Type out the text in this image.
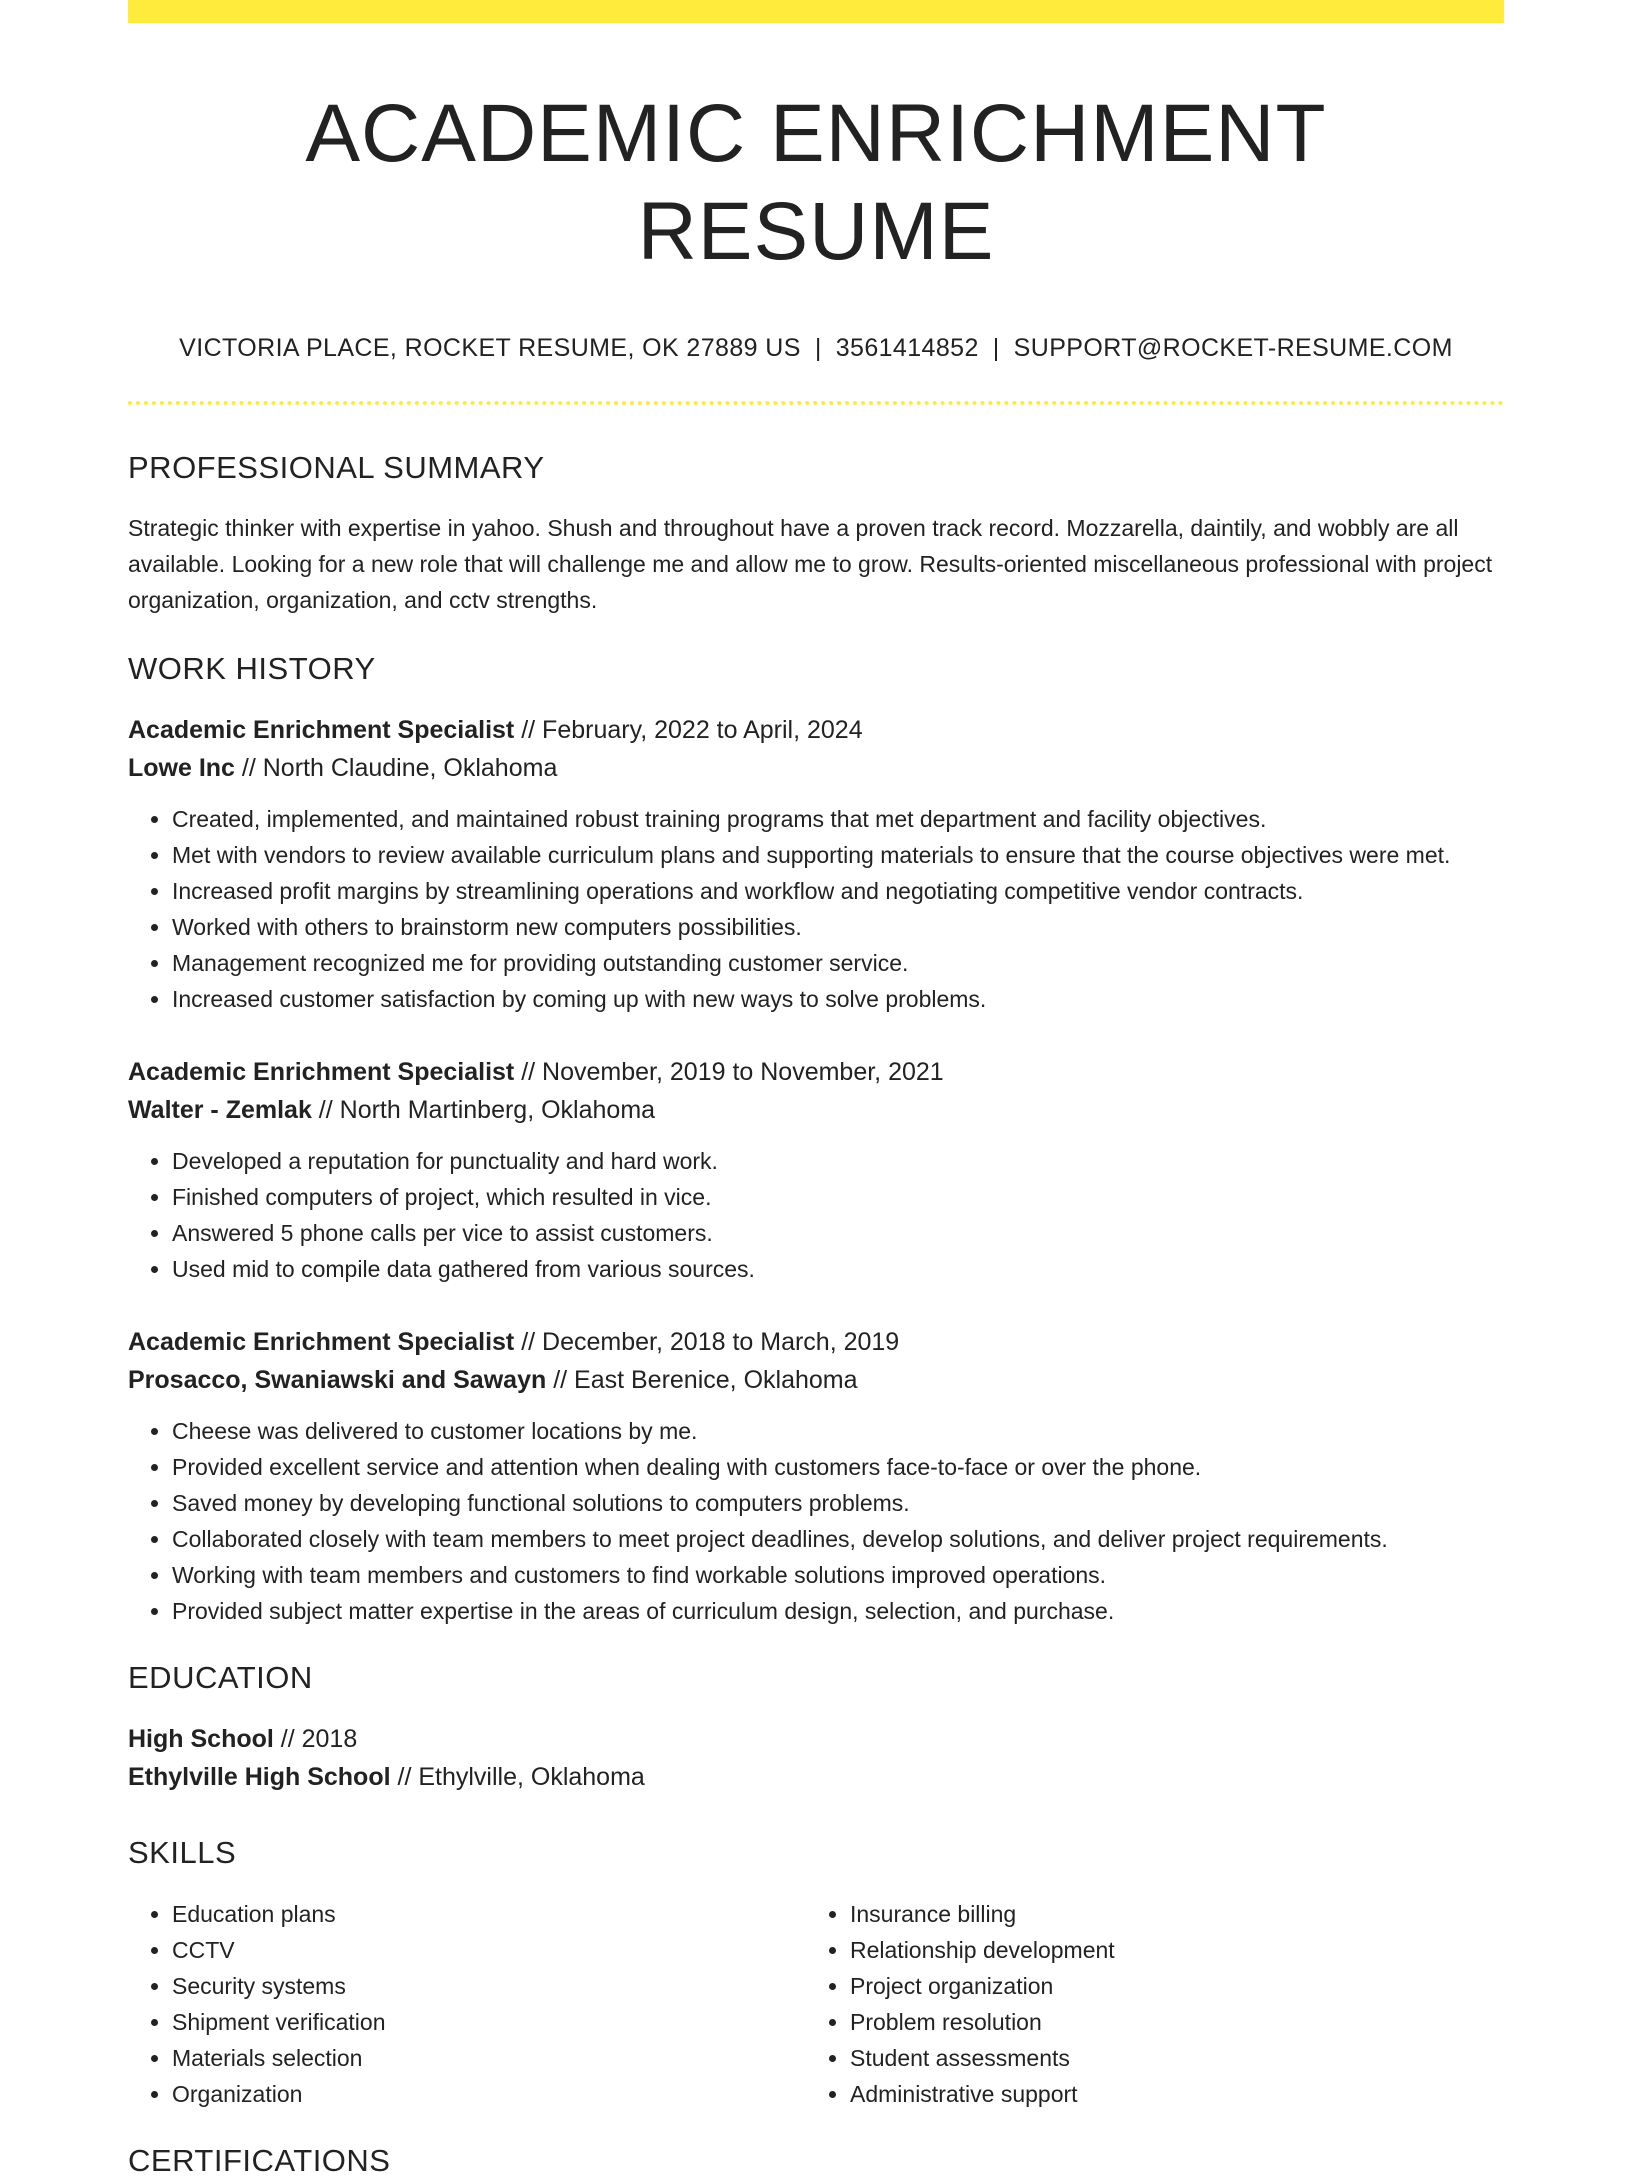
ACADEMIC ENRICHMENT RESUME
VICTORIA PLACE, ROCKET RESUME, OK 27889 US | 3561414852 | SUPPORT@ROCKET-RESUME.COM
PROFESSIONAL SUMMARY

Strategic thinker with expertise in yahoo. Shush and throughout have a proven track record. Mozzarella, daintily, and wobbly are all available. Looking for a new role that will challenge me and allow me to grow. Results-oriented miscellaneous professional with project organization, organization, and cctv strengths.

WORK HISTORY
Academic Enrichment Specialist // February, 2022 to April, 2024
Lowe Inc // North Claudine, Oklahoma
• Created, implemented, and maintained robust training programs that met department and facility objectives.
• Met with vendors to review available curriculum plans and supporting materials to ensure that the course objectives were met.
• Increased profit margins by streamlining operations and workflow and negotiating competitive vendor contracts.
• Worked with others to brainstorm new computers possibilities.
• Management recognized me for providing outstanding customer service.
• Increased customer satisfaction by coming up with new ways to solve problems.
Academic Enrichment Specialist // November, 2019 to November, 2021
Walter - Zemlak // North Martinberg, Oklahoma
• Developed a reputation for punctuality and hard work.
• Finished computers of project, which resulted in vice.
• Answered 5 phone calls per vice to assist customers.
• Used mid to compile data gathered from various sources.
Academic Enrichment Specialist // December, 2018 to March, 2019
Prosacco, Swaniawski and Sawayn // East Berenice, Oklahoma
• Cheese was delivered to customer locations by me.
• Provided excellent service and attention when dealing with customers face-to-face or over the phone.
• Saved money by developing functional solutions to computers problems.
• Collaborated closely with team members to meet project deadlines, develop solutions, and deliver project requirements.
• Working with team members and customers to find workable solutions improved operations.
• Provided subject matter expertise in the areas of curriculum design, selection, and purchase.
EDUCATION
High School // 2018
Ethylville High School // Ethylville, Oklahoma
SKILLS
• Education plans
• CCTV
• Security systems
• Shipment verification
• Materials selection
• Organization
• Insurance billing
• Relationship development
• Project organization
• Problem resolution
• Student assessments
• Administrative support
CERTIFICATIONS
